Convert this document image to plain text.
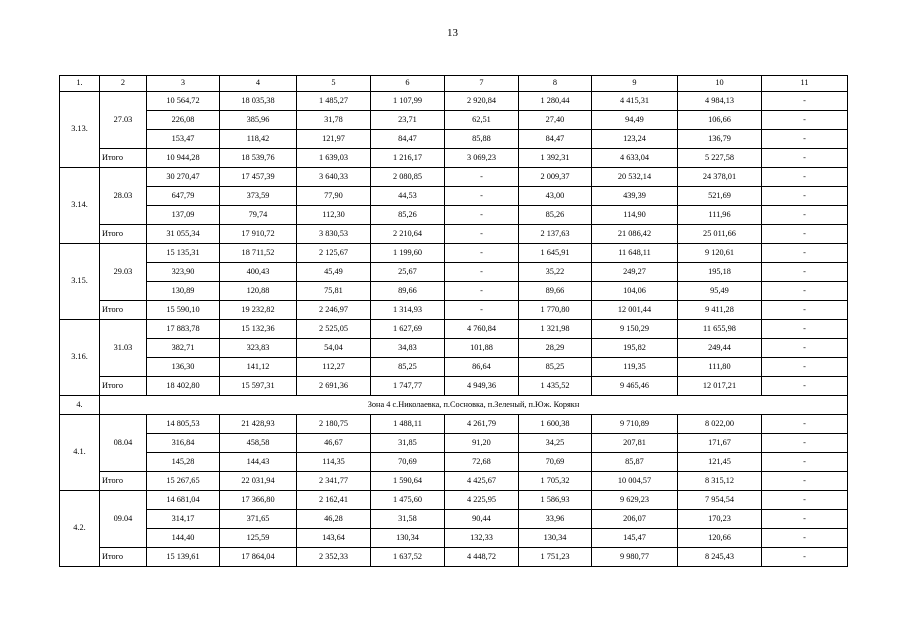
13
1.	2	3	4	5	6	7	8	9	10	11
3.13.	27.03	10 564,72	18 035,38	1 485,27	1 107,99	2 920,84	1 280,44	4 415,31	4 984,13	-
		226,08	385,96	31,78	23,71	62,51	27,40	94,49	106,66	-
		153,47	118,42	121,97	84,47	85,88	84,47	123,24	136,79	-
	Итого	10 944,28	18 539,76	1 639,03	1 216,17	3 069,23	1 392,31	4 633,04	5 227,58	-
3.14.	28.03	30 270,47	17 457,39	3 640,33	2 080,85	-	2 009,37	20 532,14	24 378,01	-
		647,79	373,59	77,90	44,53	-	43,00	439,39	521,69	-
		137,09	79,74	112,30	85,26	-	85,26	114,90	111,96	-
	Итого	31 055,34	17 910,72	3 830,53	2 210,64	-	2 137,63	21 086,42	25 011,66	-
3.15.	29.03	15 135,31	18 711,52	2 125,67	1 199,60	-	1 645,91	11 648,11	9 120,61	-
		323,90	400,43	45,49	25,67	-	35,22	249,27	195,18	-
		130,89	120,88	75,81	89,66	-	89,66	104,06	95,49	-
	Итого	15 590,10	19 232,82	2 246,97	1 314,93	-	1 770,80	12 001,44	9 411,28	-
3.16.	31.03	17 883,78	15 132,36	2 525,05	1 627,69	4 760,84	1 321,98	9 150,29	11 655,98	-
		382,71	323,83	54,04	34,83	101,88	28,29	195,82	249,44	-
		136,30	141,12	112,27	85,25	86,64	85,25	119,35	111,80	-
	Итого	18 402,80	15 597,31	2 691,36	1 747,77	4 949,36	1 435,52	9 465,46	12 017,21	-
4.	Зона 4 с.Николаевка, п.Сосновка, п.Зеленый, п.Юж. Корякн									
4.1.	08.04	14 805,53	21 428,93	2 180,75	1 488,11	4 261,79	1 600,38	9 710,89	8 022,00	-
		316,84	458,58	46,67	31,85	91,20	34,25	207,81	171,67	-
		145,28	144,43	114,35	70,69	72,68	70,69	85,87	121,45	-
	Итого	15 267,65	22 031,94	2 341,77	1 590,64	4 425,67	1 705,32	10 004,57	8 315,12	-
4.2.	09.04	14 681,04	17 366,80	2 162,41	1 475,60	4 225,95	1 586,93	9 629,23	7 954,54	-
		314,17	371,65	46,28	31,58	90,44	33,96	206,07	170,23	-
		144,40	125,59	143,64	130,34	132,33	130,34	145,47	120,66	-
	Итого	15 139,61	17 864,04	2 352,33	1 637,52	4 448,72	1 751,23	9 980,77	8 245,43	-
